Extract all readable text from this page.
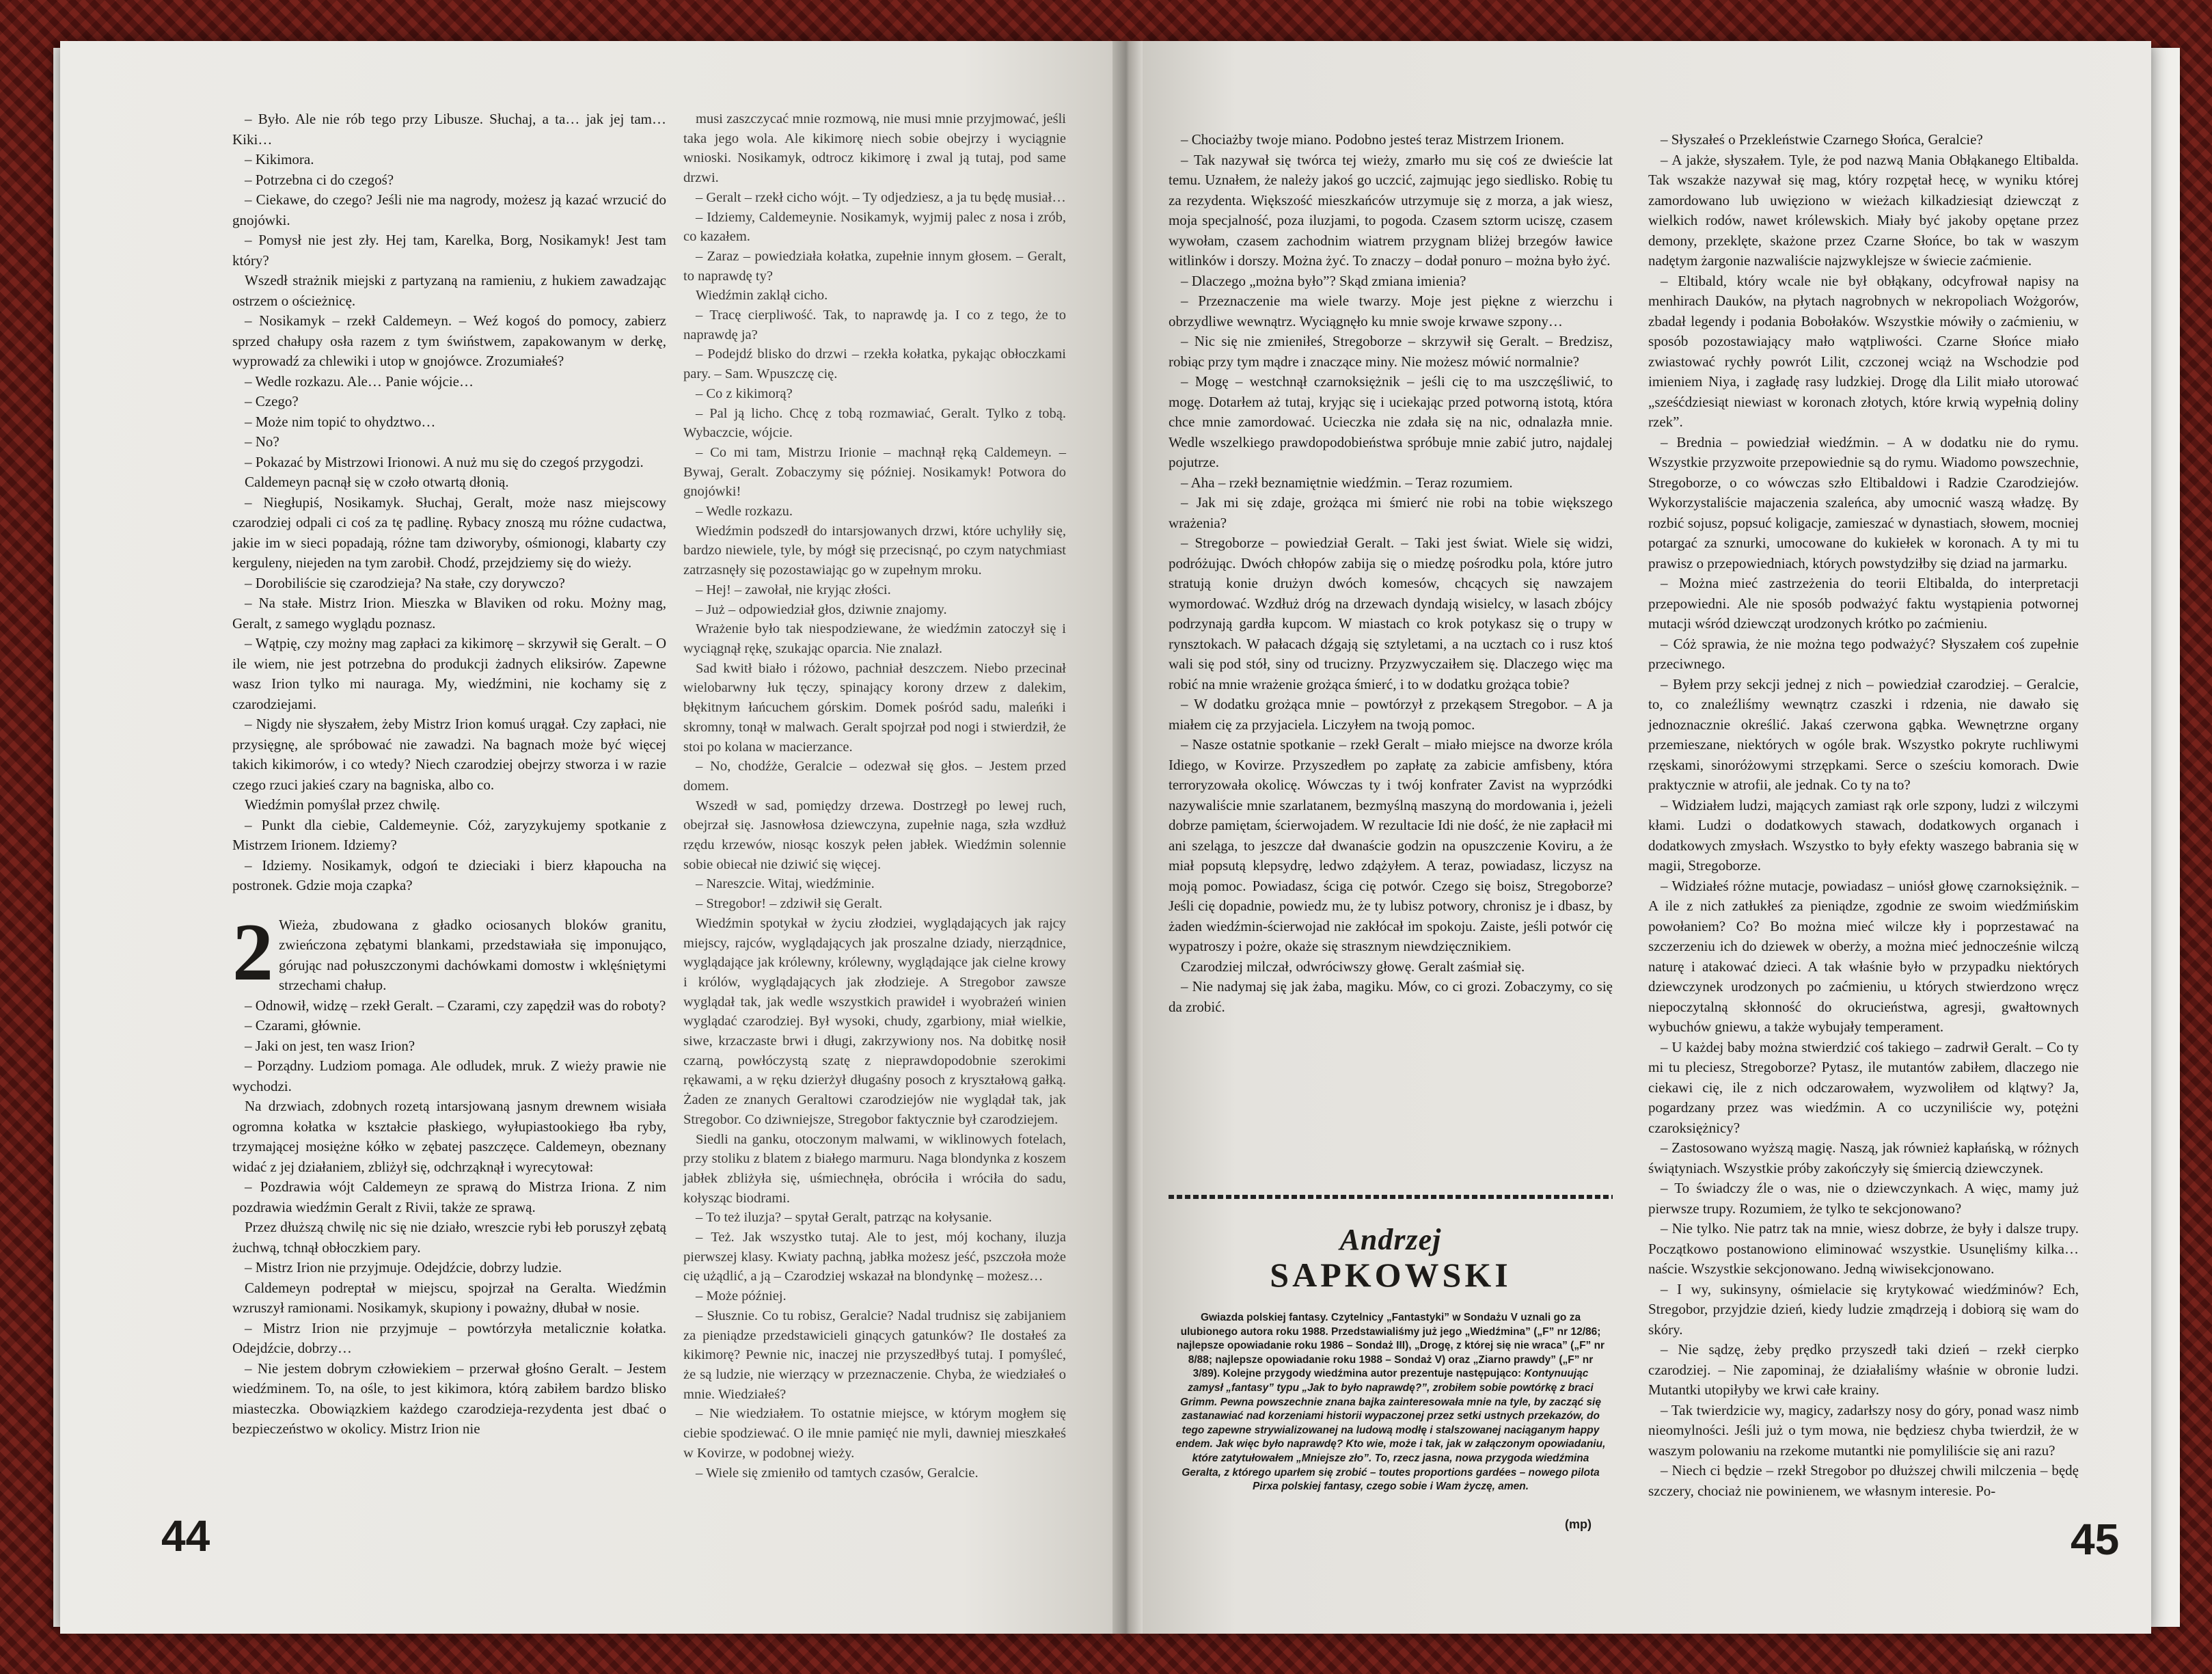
– Było. Ale nie rób tego przy Libusze. Słuchaj, a ta… jak jej tam… Kiki…

– Kikimora.

– Potrzebna ci do czegoś?

– Ciekawe, do czego? Jeśli nie ma nagrody, możesz ją kazać wrzucić do gnojówki.

– Pomysł nie jest zły. Hej tam, Karelka, Borg, Nosikamyk! Jest tam który?

Wszedł strażnik miejski z partyzaną na ramieniu, z hukiem zawadzając ostrzem o ościeżnicę.

– Nosikamyk – rzekł Caldemeyn. – Weź kogoś do pomocy, zabierz sprzed chałupy osła razem z tym świństwem, zapakowanym w derkę, wyprowadź za chlewiki i utop w gnojówce. Zrozumiałeś?

– Wedle rozkazu. Ale… Panie wójcie…

– Czego?

– Może nim topić to ohydztwo…

– No?

– Pokazać by Mistrzowi Irionowi. A nuż mu się do czegoś przygodzi.

Caldemeyn pacnął się w czoło otwartą dłonią.

– Niegłupiś, Nosikamyk. Słuchaj, Geralt, może nasz miejscowy czarodziej odpali ci coś za tę padlinę. Rybacy znoszą mu różne cudactwa, jakie im w sieci popadają, różne tam dziworyby, ośmionogi, klabarty czy kerguleny, niejeden na tym zarobił. Chodź, przejdziemy się do wieży.

– Dorobiliście się czarodzieja? Na stałe, czy dorywczo?

– Na stałe. Mistrz Irion. Mieszka w Blaviken od roku. Możny mag, Geralt, z samego wyglądu poznasz.

– Wątpię, czy możny mag zapłaci za kikimorę – skrzywił się Geralt. – O ile wiem, nie jest potrzebna do produkcji żadnych eliksirów. Zapewne wasz Irion tylko mi nauraga. My, wiedźmini, nie kochamy się z czarodziejami.

– Nigdy nie słyszałem, żeby Mistrz Irion komuś urągał. Czy zapłaci, nie przysięgnę, ale spróbować nie zawadzi. Na bagnach może być więcej takich kikimorów, i co wtedy? Niech czarodziej obejrzy stworza i w razie czego rzuci jakieś czary na bagniska, albo co.

Wiedźmin pomyślał przez chwilę.

– Punkt dla ciebie, Caldemeynie. Cóż, zaryzykujemy spotkanie z Mistrzem Irionem. Idziemy?

– Idziemy. Nosikamyk, odgoń te dzieciaki i bierz kłapoucha na postronek. Gdzie moja czapka?

2 Wieża, zbudowana z gładko ociosanych bloków granitu, zwieńczona zębatymi blankami, przedstawiała się imponująco, górując nad połuszczonymi dachówkami domostw i wklęśniętymi strzechami chałup.

– Odnowił, widzę – rzekł Geralt. – Czarami, czy zapędził was do roboty?

– Czarami, głównie.

– Jaki on jest, ten wasz Irion?

– Porządny. Ludziom pomaga. Ale odludek, mruk. Z wieży prawie nie wychodzi.

Na drzwiach, zdobnych rozetą intarsjowaną jasnym drewnem wisiała ogromna kołatka w kształcie płaskiego, wyłupiastookiego łba ryby, trzymającej mosiężne kółko w zębatej paszczęce. Caldemeyn, obeznany widać z jej działaniem, zbliżył się, odchrząknął i wyrecytował:

– Pozdrawia wójt Caldemeyn ze sprawą do Mistrza Iriona. Z nim pozdrawia wiedźmin Geralt z Rivii, także ze sprawą.

Przez dłuższą chwilę nic się nie działo, wreszcie rybi łeb poruszył zębatą żuchwą, tchnął obłoczkiem pary.

– Mistrz Irion nie przyjmuje. Odejdźcie, dobrzy ludzie.

Caldemeyn podreptał w miejscu, spojrzał na Geralta. Wiedźmin wzruszył ramionami. Nosikamyk, skupiony i poważny, dłubał w nosie.

– Mistrz Irion nie przyjmuje – powtórzyła metalicznie kołatka. Odejdźcie, dobrzy…

– Nie jestem dobrym człowiekiem – przerwał głośno Geralt. – Jestem wiedźminem. To, na ośle, to jest kikimora, którą zabiłem bardzo blisko miasteczka. Obowiązkiem każdego czarodzieja-rezydenta jest dbać o bezpieczeństwo w okolicy. Mistrz Irion nie

musi zaszczycać mnie rozmową, nie musi mnie przyjmować, jeśli taka jego wola. Ale kikimorę niech sobie obejrzy i wyciągnie wnioski. Nosikamyk, odtrocz kikimorę i zwal ją tutaj, pod same drzwi.

– Geralt – rzekł cicho wójt. – Ty odjedziesz, a ja tu będę musiał…

– Idziemy, Caldemeynie. Nosikamyk, wyjmij palec z nosa i zrób, co kazałem.

– Zaraz – powiedziała kołatka, zupełnie innym głosem. – Geralt, to naprawdę ty?

Wiedźmin zaklął cicho.

– Tracę cierpliwość. Tak, to naprawdę ja. I co z tego, że to naprawdę ja?

– Podejdź blisko do drzwi – rzekła kołatka, pykając obłoczkami pary. – Sam. Wpuszczę cię.

– Co z kikimorą?

– Pal ją licho. Chcę z tobą rozmawiać, Geralt. Tylko z tobą. Wybaczcie, wójcie.

– Co mi tam, Mistrzu Irionie – machnął ręką Caldemeyn. – Bywaj, Geralt. Zobaczymy się później. Nosikamyk! Potwora do gnojówki!

– Wedle rozkazu.

Wiedźmin podszedł do intarsjowanych drzwi, które uchyliły się, bardzo niewiele, tyle, by mógł się przecisnąć, po czym natychmiast zatrzasnęły się pozostawiając go w zupełnym mroku.

– Hej! – zawołał, nie kryjąc złości.

– Już – odpowiedział głos, dziwnie znajomy.

Wrażenie było tak niespodziewane, że wiedźmin zatoczył się i wyciągnął rękę, szukając oparcia. Nie znalazł.

Sad kwitł biało i różowo, pachniał deszczem. Niebo przecinał wielobarwny łuk tęczy, spinający korony drzew z dalekim, błękitnym łańcuchem górskim. Domek pośród sadu, maleńki i skromny, tonął w malwach. Geralt spojrzał pod nogi i stwierdził, że stoi po kolana w macierzance.

– No, chodźże, Geralcie – odezwał się głos. – Jestem przed domem.

Wszedł w sad, pomiędzy drzewa. Dostrzegł po lewej ruch, obejrzał się. Jasnowłosa dziewczyna, zupełnie naga, szła wzdłuż rzędu krzewów, niosąc koszyk pełen jabłek. Wiedźmin solennie sobie obiecał nie dziwić się więcej.

– Nareszcie. Witaj, wiedźminie.

– Stregobor! – zdziwił się Geralt.

Wiedźmin spotykał w życiu złodziei, wyglądających jak rajcy miejscy, rajców, wyglądających jak proszalne dziady, nierządnice, wyglądające jak królewny, królewny, wyglądające jak cielne krowy i królów, wyglądających jak złodzieje. A Stregobor zawsze wyglądał tak, jak wedle wszystkich prawideł i wyobrażeń winien wyglądać czarodziej. Był wysoki, chudy, zgarbiony, miał wielkie, siwe, krzaczaste brwi i długi, zakrzywiony nos. Na dobitkę nosił czarną, powłóczystą szatę z nieprawdopodobnie szerokimi rękawami, a w ręku dzierżył długaśny posoch z kryształową gałką. Żaden ze znanych Geraltowi czarodziejów nie wyglądał tak, jak Stregobor. Co dziwniejsze, Stregobor faktycznie był czarodziejem.

Siedli na ganku, otoczonym malwami, w wiklinowych fotelach, przy stoliku z blatem z białego marmuru. Naga blondynka z koszem jabłek zbliżyła się, uśmiechnęła, obróciła i wróciła do sadu, kołysząc biodrami.

– To też iluzja? – spytał Geralt, patrząc na kołysanie.

– Też. Jak wszystko tutaj. Ale to jest, mój kochany, iluzja pierwszej klasy. Kwiaty pachną, jabłka możesz jeść, pszczoła może cię użądlić, a ją – Czarodziej wskazał na blondynkę – możesz…

– Może później.

– Słusznie. Co tu robisz, Geralcie? Nadal trudnisz się zabijaniem za pieniądze przedstawicieli ginących gatunków? Ile dostałeś za kikimorę? Pewnie nic, inaczej nie przyszedłbyś tutaj. I pomyśleć, że są ludzie, nie wierzący w przeznaczenie. Chyba, że wiedziałeś o mnie. Wiedziałeś?

– Nie wiedziałem. To ostatnie miejsce, w którym mogłem się ciebie spodziewać. O ile mnie pamięć nie myli, dawniej mieszkałeś w Kovirze, w podobnej wieży.

– Wiele się zmieniło od tamtych czasów, Geralcie.

– Chociażby twoje miano. Podobno jesteś teraz Mistrzem Irionem.

– Tak nazywał się twórca tej wieży, zmarło mu się coś ze dwieście lat temu. Uznałem, że należy jakoś go uczcić, zajmując jego siedlisko. Robię tu za rezydenta. Większość mieszkańców utrzymuje się z morza, a jak wiesz, moja specjalność, poza iluzjami, to pogoda. Czasem sztorm uciszę, czasem wywołam, czasem zachodnim wiatrem przygnam bliżej brzegów ławice witlinków i dorszy. Można żyć. To znaczy – dodał ponuro – można było żyć.

– Dlaczego „można było”? Skąd zmiana imienia?

– Przeznaczenie ma wiele twarzy. Moje jest piękne z wierzchu i obrzydliwe wewnątrz. Wyciągnęło ku mnie swoje krwawe szpony…

– Nic się nie zmieniłeś, Stregoborze – skrzywił się Geralt. – Bredzisz, robiąc przy tym mądre i znaczące miny. Nie możesz mówić normalnie?

– Mogę – westchnął czarnoksiężnik – jeśli cię to ma uszczęśliwić, to mogę. Dotarłem aż tutaj, kryjąc się i uciekając przed potworną istotą, która chce mnie zamordować. Ucieczka nie zdała się na nic, odnalazła mnie. Wedle wszelkiego prawdopodobieństwa spróbuje mnie zabić jutro, najdalej pojutrze.

– Aha – rzekł beznamiętnie wiedźmin. – Teraz rozumiem.

– Jak mi się zdaje, grożąca mi śmierć nie robi na tobie większego wrażenia?

– Stregoborze – powiedział Geralt. – Taki jest świat. Wiele się widzi, podróżując. Dwóch chłopów zabija się o miedzę pośrodku pola, które jutro stratują konie drużyn dwóch komesów, chcących się nawzajem wymordować. Wzdłuż dróg na drzewach dyndają wisielcy, w lasach zbójcy podrzynają gardła kupcom. W miastach co krok potykasz się o trupy w rynsztokach. W pałacach dźgają się sztyletami, a na ucztach co i rusz ktoś wali się pod stół, siny od trucizny. Przyzwyczaiłem się. Dlaczego więc ma robić na mnie wrażenie grożąca śmierć, i to w dodatku grożąca tobie?

– W dodatku grożąca mnie – powtórzył z przekąsem Stregobor. – A ja miałem cię za przyjaciela. Liczyłem na twoją pomoc.

– Nasze ostatnie spotkanie – rzekł Geralt – miało miejsce na dworze króla Idiego, w Kovirze. Przyszedłem po zapłatę za zabicie amfisbeny, która terroryzowała okolicę. Wówczas ty i twój konfrater Zavist na wyprzódki nazywaliście mnie szarlatanem, bezmyślną maszyną do mordowania i, jeżeli dobrze pamiętam, ścierwojadem. W rezultacie Idi nie dość, że nie zapłacił mi ani szeląga, to jeszcze dał dwanaście godzin na opuszczenie Koviru, a że miał popsutą klepsydrę, ledwo zdążyłem. A teraz, powiadasz, liczysz na moją pomoc. Powiadasz, ściga cię potwór. Czego się boisz, Stregoborze? Jeśli cię dopadnie, powiedz mu, że ty lubisz potwory, chronisz je i dbasz, by żaden wiedźmin-ścierwojad nie zakłócał im spokoju. Zaiste, jeśli potwór cię wypatroszy i pożre, okaże się strasznym niewdzięcznikiem.

Czarodziej milczał, odwróciwszy głowę. Geralt zaśmiał się.

– Nie nadymaj się jak żaba, magiku. Mów, co ci grozi. Zobaczymy, co się da zrobić.

– Słyszałeś o Przekleństwie Czarnego Słońca, Geralcie?

– A jakże, słyszałem. Tyle, że pod nazwą Mania Obłąkanego Eltibalda. Tak wszakże nazywał się mag, który rozpętał hecę, w wyniku której zamordowano lub uwięziono w wieżach kilkadziesiąt dziewcząt z wielkich rodów, nawet królewskich. Miały być jakoby opętane przez demony, przeklęte, skażone przez Czarne Słońce, bo tak w waszym nadętym żargonie nazwaliście najzwyklejsze w świecie zaćmienie.

– Eltibald, który wcale nie był obłąkany, odcyfrował napisy na menhirach Dauków, na płytach nagrobnych w nekropoliach Wożgorów, zbadał legendy i podania Bobołaków. Wszystkie mówiły o zaćmieniu, w sposób pozostawiający mało wątpliwości. Czarne Słońce miało zwiastować rychły powrót Lilit, czczonej wciąż na Wschodzie pod imieniem Niya, i zagładę rasy ludzkiej. Drogę dla Lilit miało utorować „sześćdziesiąt niewiast w koronach złotych, które krwią wypełnią doliny rzek”.

– Brednia – powiedział wiedźmin. – A w dodatku nie do rymu. Wszystkie przyzwoite przepowiednie są do rymu. Wiadomo powszechnie, Stregoborze, o co wówczas szło Eltibaldowi i Radzie Czarodziejów. Wykorzystaliście majaczenia szaleńca, aby umocnić waszą władzę. By rozbić sojusz, popsuć koligacje, zamieszać w dynastiach, słowem, mocniej potargać za sznurki, umocowane do kukiełek w koronach. A ty mi tu prawisz o przepowiedniach, których powstydziłby się dziad na jarmarku.

– Można mieć zastrzeżenia do teorii Eltibalda, do interpretacji przepowiedni. Ale nie sposób podważyć faktu wystąpienia potwornej mutacji wśród dziewcząt urodzonych krótko po zaćmieniu.

– Cóż sprawia, że nie można tego podważyć? Słyszałem coś zupełnie przeciwnego.

– Byłem przy sekcji jednej z nich – powiedział czarodziej. – Geralcie, to, co znaleźliśmy wewnątrz czaszki i rdzenia, nie dawało się jednoznacznie określić. Jakaś czerwona gąbka. Wewnętrzne organy przemieszane, niektórych w ogóle brak. Wszystko pokryte ruchliwymi rzęskami, sinoróżowymi strzępkami. Serce o sześciu komorach. Dwie praktycznie w atrofii, ale jednak. Co ty na to?

– Widziałem ludzi, mających zamiast rąk orle szpony, ludzi z wilczymi kłami. Ludzi o dodatkowych stawach, dodatkowych organach i dodatkowych zmysłach. Wszystko to były efekty waszego babrania się w magii, Stregoborze.

– Widziałeś różne mutacje, powiadasz – uniósł głowę czarnoksiężnik. – A ile z nich zatłukłeś za pieniądze, zgodnie ze swoim wiedźmińskim powołaniem? Co? Bo można mieć wilcze kły i poprzestawać na szczerzeniu ich do dziewek w oberży, a można mieć jednocześnie wilczą naturę i atakować dzieci. A tak właśnie było w przypadku niektórych dziewczynek urodzonych po zaćmieniu, u których stwierdzono wręcz niepoczytalną skłonność do okrucieństwa, agresji, gwałtownych wybuchów gniewu, a także wybujały temperament.

– U każdej baby można stwierdzić coś takiego – zadrwił Geralt. – Co ty mi tu pleciesz, Stregoborze? Pytasz, ile mutantów zabiłem, dlaczego nie ciekawi cię, ile z nich odczarowałem, wyzwoliłem od klątwy? Ja, pogardzany przez was wiedźmin. A co uczyniliście wy, potężni czaroksiężnicy?

– Zastosowano wyższą magię. Naszą, jak również kapłańską, w różnych świątyniach. Wszystkie próby zakończyły się śmiercią dziewczynek.

– To świadczy źle o was, nie o dziewczynkach. A więc, mamy już pierwsze trupy. Rozumiem, że tylko te sekcjonowano?

– Nie tylko. Nie patrz tak na mnie, wiesz dobrze, że były i dalsze trupy. Początkowo postanowiono eliminować wszystkie. Usunęliśmy kilka… naście. Wszystkie sekcjonowano. Jedną wiwisekcjonowano.

– I wy, sukinsyny, ośmielacie się krytykować wiedźminów? Ech, Stregobor, przyjdzie dzień, kiedy ludzie zmądrzeją i dobiorą się wam do skóry.

– Nie sądzę, żeby prędko przyszedł taki dzień – rzekł cierpko czarodziej. – Nie zapominaj, że działaliśmy właśnie w obronie ludzi. Mutantki utopiłyby we krwi całe krainy.

– Tak twierdzicie wy, magicy, zadarłszy nosy do góry, ponad wasz nimb nieomylności. Jeśli już o tym mowa, nie będziesz chyba twierdził, że w waszym polowaniu na rzekome mutantki nie pomyliliście się ani razu?

– Niech ci będzie – rzekł Stregobor po dłuższej chwili milczenia – będę szczery, chociaż nie powinienem, we własnym interesie. Po-

Andrzej
SAPKOWSKI
Gwiazda polskiej fantasy. Czytelnicy „Fantastyki” w Sondażu V uznali go za ulubionego autora roku 1988. Przedstawialiśmy już jego „Wiedźmina” („F” nr 12/86; najlepsze opowiadanie roku 1986 – Sondaż III), „Drogę, z której się nie wraca” („F” nr 8/88; najlepsze opowiadanie roku 1988 – Sondaż V) oraz „Ziarno prawdy” („F” nr 3/89). Kolejne przygody wiedźmina autor prezentuje następująco: Kontynuując zamysł „fantasy” typu „Jak to było naprawdę?”, zrobiłem sobie powtórkę z braci Grimm. Pewna powszechnie znana bajka zainteresowała mnie na tyle, by zacząć się zastanawiać nad korzeniami historii wypaczonej przez setki ustnych przekazów, do tego zapewne strywializowanej na ludową modłę i stalszowanej naciąganym happy endem. Jak więc było naprawdę? Kto wie, może i tak, jak w załączonym opowiadaniu, które zatytułowałem „Mniejsze zło”. To, rzecz jasna, nowa przygoda wiedźmina Geralta, z którego uparłem się zrobić – toutes proportions gardées – nowego pilota Pirxa polskiej fantasy, czego sobie i Wam życzę, amen.
(mp)
44	45
